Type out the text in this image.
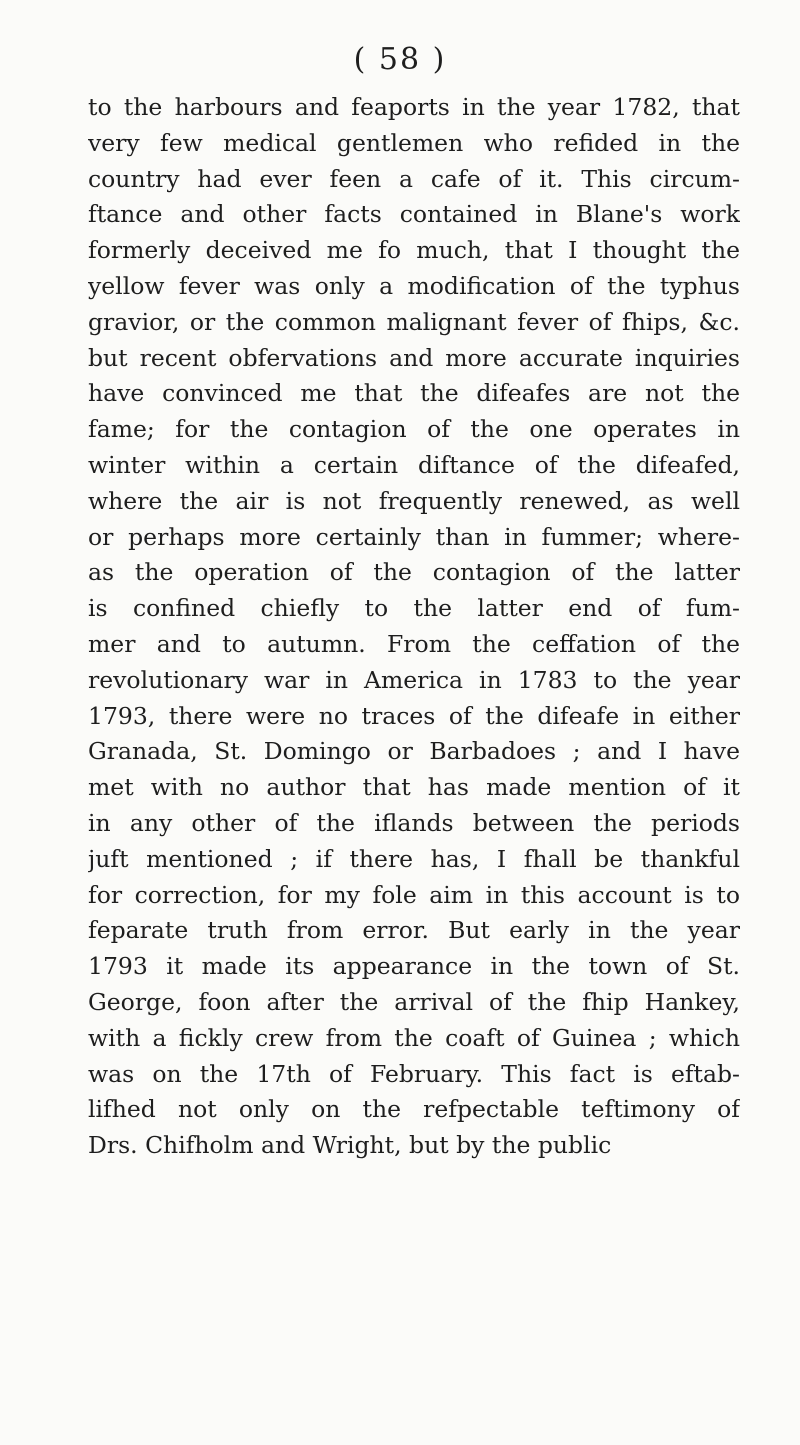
( 58 )
to the harbours and feaports in the year 1782, that
very few medical gentlemen who refided in the
country had ever feen a cafe of it. This circum-
ftance and other facts contained in Blane's work
formerly deceived me fo much, that I thought the
yellow fever was only a modification of the typhus
gravior, or the common malignant fever of fhips, &c.
but recent obfervations and more accurate inquiries
have convinced me that the difeafes are not the
fame; for the contagion of the one operates in
winter within a certain diftance of the difeafed,
where the air is not frequently renewed, as well
or perhaps more certainly than in fummer; where-
as the operation of the contagion of the latter
is confined chiefly to the latter end of fum-
mer and to autumn. From the ceffation of the
revolutionary war in America in 1783 to the year
1793, there were no traces of the difeafe in either
Granada, St. Domingo or Barbadoes ; and I have
met with no author that has made mention of it
in any other of the iflands between the periods
juft mentioned ; if there has, I fhall be thankful
for correction, for my fole aim in this account is to
feparate truth from error. But early in the year
1793 it made its appearance in the town of St.
George, foon after the arrival of the fhip Hankey,
with a fickly crew from the coaft of Guinea ; which
was on the 17th of February. This fact is eftab-
lifhed not only on the refpectable teftimony of
Drs. Chifholm and Wright, but by the public
